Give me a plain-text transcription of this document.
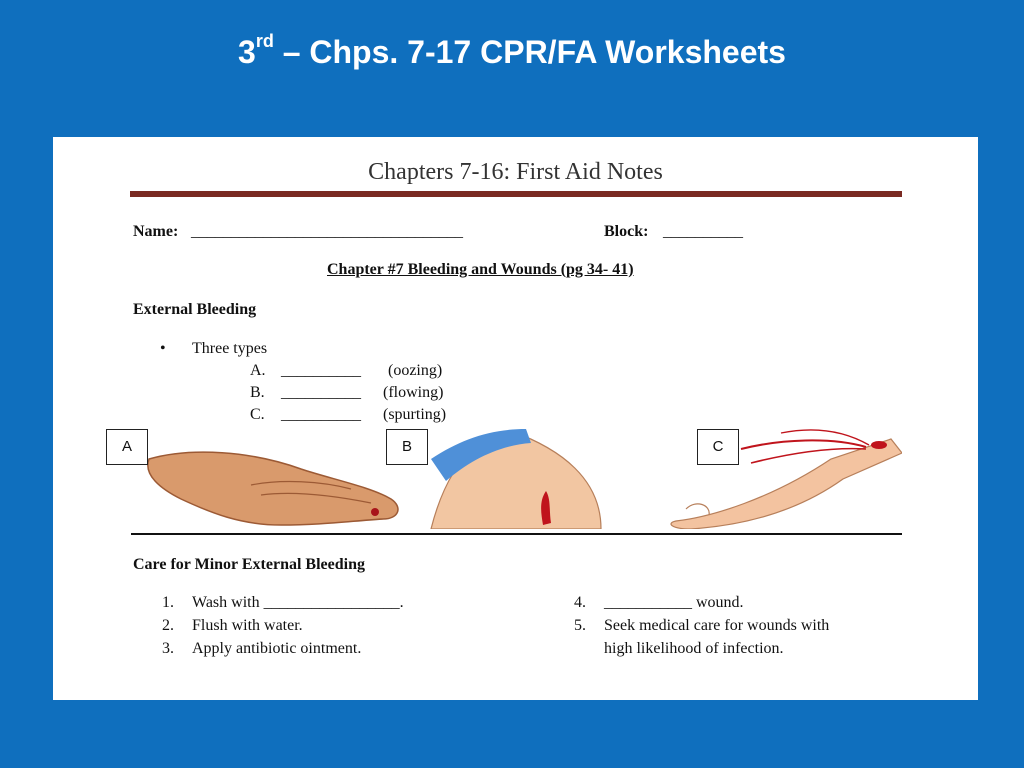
3rd – Chps. 7-17 CPR/FA Worksheets
Chapters 7-16: First Aid Notes
Name: __________________________________	Block: __________
Chapter #7 Bleeding and Wounds (pg 34- 41)
External Bleeding
• Three types
A. __________ (oozing)
B. __________ (flowing)
C. __________ (spurting)
A	B	C
Care for Minor External Bleeding
1. Wash with _________________.
2. Flush with water.
3. Apply antibiotic ointment.
4. ___________ wound.
5. Seek medical care for wounds with
high likelihood of infection.
